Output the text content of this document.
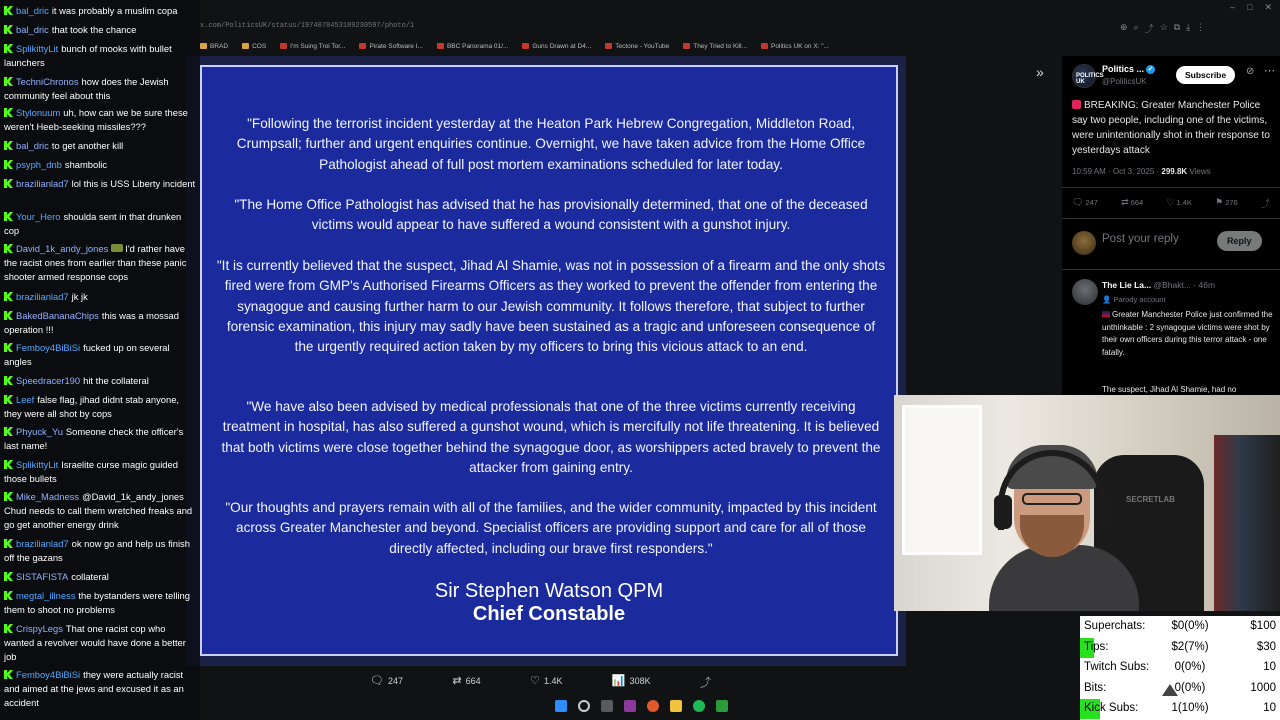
x.com/PoliticsUK/status/1974078453189230597/photo/1
BRAD	COS	I'm Suing Troi Tor...	Pirate Software I...	BBC Panorama 01/...	Guns Drawn at D4...	Tectone - YouTube	They Tried to Kill...	Politics UK on X: "...
⊕ ⌕ ⤴ ☆ ⧉ ⤓ ⋮
– □ ✕
»	POLITICS UK
Politics ... ✓
@PoliticsUK
Subscribe	⊘ ⋯
BREAKING: Greater Manchester Police say two people, including one of the victims, were unintentionally shot in their response to yesterdays attack
10:59 AM · Oct 3, 2025 · 299.8K Views
🗨 247	⇄ 664	♡ 1.4K	⚑ 276	⤴
Post your reply	Reply
The Lie La... @Bhakt... · 46m
👤 Parody account
Greater Manchester Police just confirmed the unthinkable : 2 synagogue victims were shot by their own officers during this terror attack - one fatally.
The suspect, Jihad Al Shamie, had no
"Following the terrorist incident yesterday at the Heaton Park Hebrew Congregation, Middleton Road, Crumpsall; further and urgent enquiries continue. Overnight, we have taken advice from the Home Office Pathologist ahead of full post mortem examinations scheduled for later today.
"The Home Office Pathologist has advised that he has provisionally determined, that one of the deceased victims would appear to have suffered a wound consistent with a gunshot injury.
"It is currently believed that the suspect, Jihad Al Shamie, was not in possession of a firearm and the only shots fired were from GMP's Authorised Firearms Officers as they worked to prevent the offender from entering the synagogue and causing further harm to our Jewish community. It follows therefore, that subject to further forensic examination, this injury may sadly have been sustained as a tragic and unforeseen consequence of the urgently required action taken by my officers to bring this vicious attack to an end.
"We have also been advised by medical professionals that one of the three victims currently receiving treatment in hospital, has also suffered a gunshot wound, which is mercifully not life threatening. It is believed that both victims were close together behind the synagogue door, as worshippers acted bravely to prevent the attacker from gaining entry.
"Our thoughts and prayers remain with all of the families, and the wider community, impacted by this incident across Greater Manchester and beyond. Specialist officers are providing support and care for all of those directly affected, including our brave first responders."
Sir Stephen Watson QPM
Chief Constable
🗨 247	⇄ 664	♡ 1.4K	📊 308K	⤴
bal_dric it was probably a muslim copa
bal_dric that took the chance
SplikittyLit bunch of mooks with bullet launchers
TechniChronos how does the Jewish community feel about this
Stylonuum uh, how can we be sure these weren't Heeb-seeking missiles???
bal_dric to get another kill
psyph_dnb shambolic
brazilianlad7 lol this is USS Liberty incident
Your_Hero shoulda sent in that drunken cop
David_1k_andy_jones I'd rather have the racist ones from earlier than these panic shooter armed response cops
brazilianlad7 jk jk
BakedBananaChips this was a mossad operation !!!
Femboy4BiBiSi fucked up on several angles
Speedracer190 hit the collateral
Leef false flag, jihad didnt stab anyone, they were all shot by cops
Phyuck_Yu Someone check the officer's last name!
SplikittyLit Israelite curse magic guided those bullets
Mike_Madness @David_1k_andy_jones Chud needs to call them wretched freaks and go get another energy drink
brazilianlad7 ok now go and help us finish off the gazans
SISTAFISTA collateral
megtal_illness the bystanders were telling them to shoot no problems
CrispyLegs That one racist cop who wanted a revolver would have done a better job
Femboy4BiBiSi they were actually racist and aimed at the jews and excused it as an accident
SECRETLAB
Superchats:	$0(0%)	$100
Tips:	$2(7%)	$30
Twitch Subs:	0(0%)	10
Bits:	0(0%)	1000
Kick Subs:	1(10%)	10
